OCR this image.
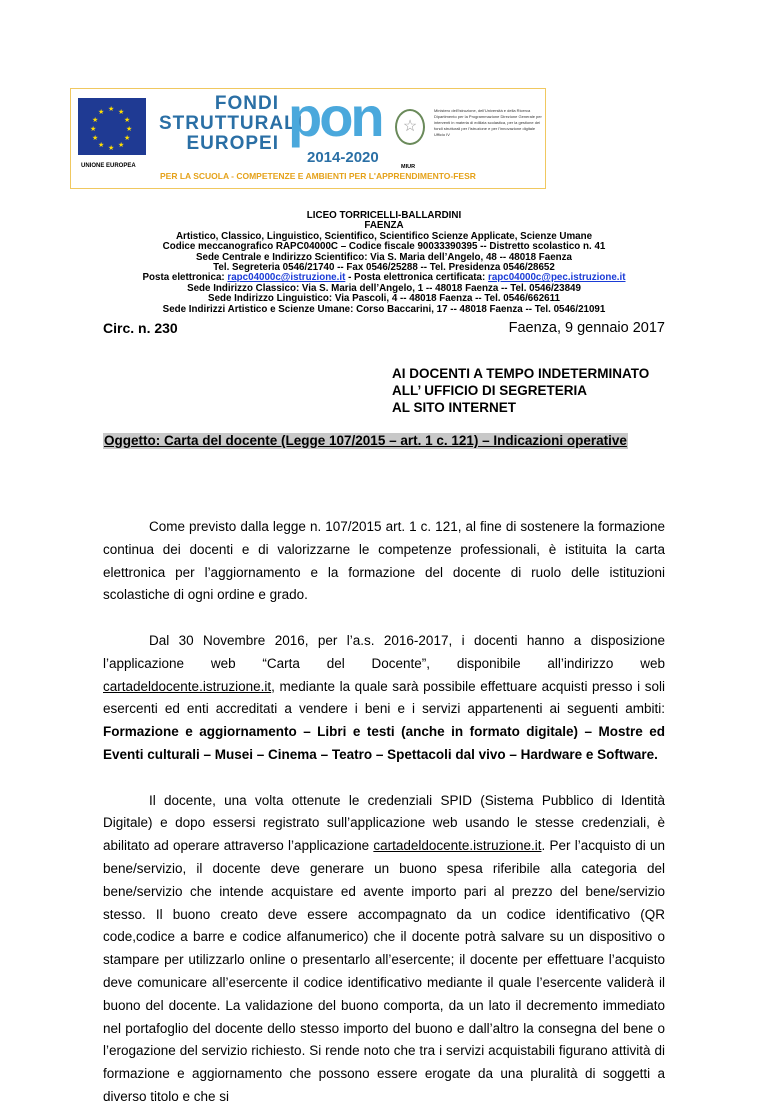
★ ★
★
★
★
★
★
★
★
★
★
★
UNIONE EUROPEA
FONDI
STRUTTURALI
EUROPEI pon
2014-2020
PER LA SCUOLA - COMPETENZE E AMBIENTI PER L'APPRENDIMENTO-FESR
☆
Ministero dell'Istruzione, dell'Università e della Ricerca Dipartimento per la Programmazione Direzione Generale per interventi in materia di edilizia scolastica, per la gestione dei fondi strutturali per l'istruzione e per l'innovazione digitale Ufficio IV
MIUR
LICEO TORRICELLI-BALLARDINI
FAENZA
Artistico, Classico, Linguistico, Scientifico, Scientifico Scienze Applicate, Scienze Umane
Codice meccanografico RAPC04000C – Codice fiscale 90033390395 -- Distretto scolastico n. 41
Sede Centrale e Indirizzo Scientifico: Via S. Maria dell’Angelo, 48 -- 48018 Faenza
Tel. Segreteria 0546/21740 -- Fax 0546/25288 -- Tel. Presidenza 0546/28652
Posta elettronica: rapc04000c@istruzione.it - Posta elettronica certificata: rapc04000c@pec.istruzione.it
Sede Indirizzo Classico: Via S. Maria dell’Angelo, 1 -- 48018 Faenza -- Tel. 0546/23849
Sede Indirizzo Linguistico: Via Pascoli, 4 -- 48018 Faenza -- Tel. 0546/662611
Sede Indirizzi Artistico e Scienze Umane: Corso Baccarini, 17 -- 48018 Faenza -- Tel. 0546/21091
Circ. n. 230	Faenza, 9 gennaio 2017
AI DOCENTI A TEMPO INDETERMINATO
ALL’ UFFICIO DI SEGRETERIA
AL SITO INTERNET
Oggetto: Carta del docente (Legge 107/2015 – art. 1 c. 121) – Indicazioni operative

Come previsto dalla legge n. 107/2015 art. 1 c. 121, al fine di sostenere la formazione continua dei docenti e di valorizzarne le competenze professionali, è istituita la carta elettronica per l’aggiornamento e la formazione del docente di ruolo delle istituzioni scolastiche di ogni ordine e grado.

Dal 30 Novembre 2016, per l’a.s. 2016-2017, i docenti hanno a disposizione l’applicazione web “Carta del Docente”, disponibile all’indirizzo web cartadeldocente.istruzione.it, mediante la quale sarà possibile effettuare acquisti presso i soli esercenti ed enti accreditati a vendere i beni e i servizi appartenenti ai seguenti ambiti: Formazione e aggiornamento – Libri e testi (anche in formato digitale) – Mostre ed Eventi culturali – Musei – Cinema – Teatro – Spettacoli dal vivo – Hardware e Software.

Il docente, una volta ottenute le credenziali SPID (Sistema Pubblico di Identità Digitale) e dopo essersi registrato sull’applicazione web usando le stesse credenziali, è abilitato ad operare attraverso l’applicazione cartadeldocente.istruzione.it. Per l’acquisto di un bene/servizio, il docente deve generare un buono spesa riferibile alla categoria del bene/servizio che intende acquistare ed avente importo pari al prezzo del bene/servizio stesso. Il buono creato deve essere accompagnato da un codice identificativo (QR code,codice a barre e codice alfanumerico) che il docente potrà salvare su un dispositivo o stampare per utilizzarlo online o presentarlo all’esercente; il docente per effettuare l’acquisto deve comunicare all’esercente il codice identificativo mediante il quale l’esercente validerà il buono del docente. La validazione del buono comporta, da un lato il decremento immediato nel portafoglio del docente dello stesso importo del buono e dall’altro la consegna del bene o l’erogazione del servizio richiesto. Si rende noto che tra i servizi acquistabili figurano attività di formazione e aggiornamento che possono essere erogate da una pluralità di soggetti a diverso titolo e che si
